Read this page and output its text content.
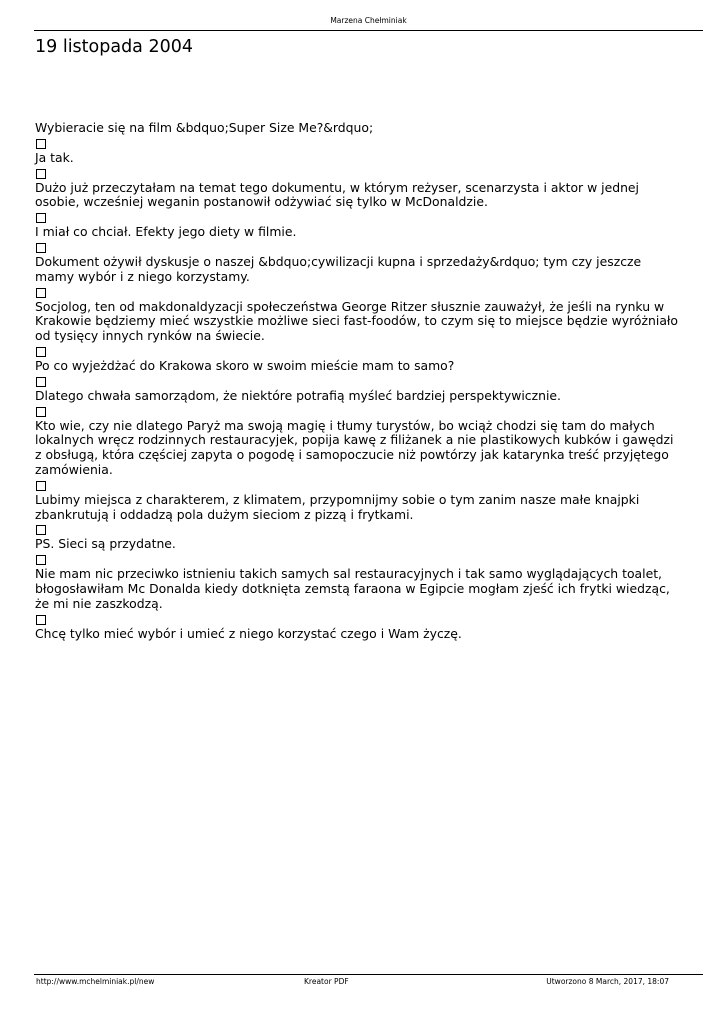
Marzena Chełminiak
19 listopada 2004

Wybieracie się na film &bdquo;Super Size Me?&rdquo;

Ja tak.

Dużo już przeczytałam na temat tego dokumentu, w którym reżyser, scenarzysta i aktor w jednej osobie, wcześniej weganin postanowił odżywiać się tylko w McDonaldzie.

I miał co chciał. Efekty jego diety w filmie.

Dokument ożywił dyskusje o naszej &bdquo;cywilizacji kupna i sprzedaży&rdquo; tym czy jeszcze mamy wybór i z niego korzystamy.

Socjolog, ten od makdonaldyzacji społeczeństwa George Ritzer słusznie zauważył, że jeśli na rynku w Krakowie będziemy mieć wszystkie możliwe sieci fast-foodów, to czym się to miejsce będzie wyróżniało od tysięcy innych rynków na świecie.

Po co wyjeżdżać do Krakowa skoro w swoim mieście mam to samo?

Dlatego chwała samorządom, że niektóre potrafią myśleć bardziej perspektywicznie.

Kto wie, czy nie dlatego Paryż ma swoją magię i tłumy turystów, bo wciąż chodzi się tam do małych lokalnych wręcz rodzinnych restauracyjek, popija kawę z filiżanek a nie plastikowych kubków i gawędzi z obsługą, która częściej zapyta o pogodę i samopoczucie niż powtórzy jak katarynka treść przyjętego zamówienia.

Lubimy miejsca z charakterem, z klimatem, przypomnijmy sobie o tym zanim nasze małe knajpki zbankrutują i oddadzą pola dużym sieciom z pizzą i frytkami.

PS. Sieci są przydatne.

Nie mam nic przeciwko istnieniu takich samych sal restauracyjnych i tak samo wyglądających toalet, błogosławiłam Mc Donalda kiedy dotknięta zemstą faraona w Egipcie mogłam zjeść ich frytki wiedząc, że mi nie zaszkodzą.

Chcę tylko mieć wybór i umieć z niego korzystać czego i Wam życzę.

http://www.mchelminiak.pl/new	Kreator PDF	Utworzono 8 March, 2017, 18:07
